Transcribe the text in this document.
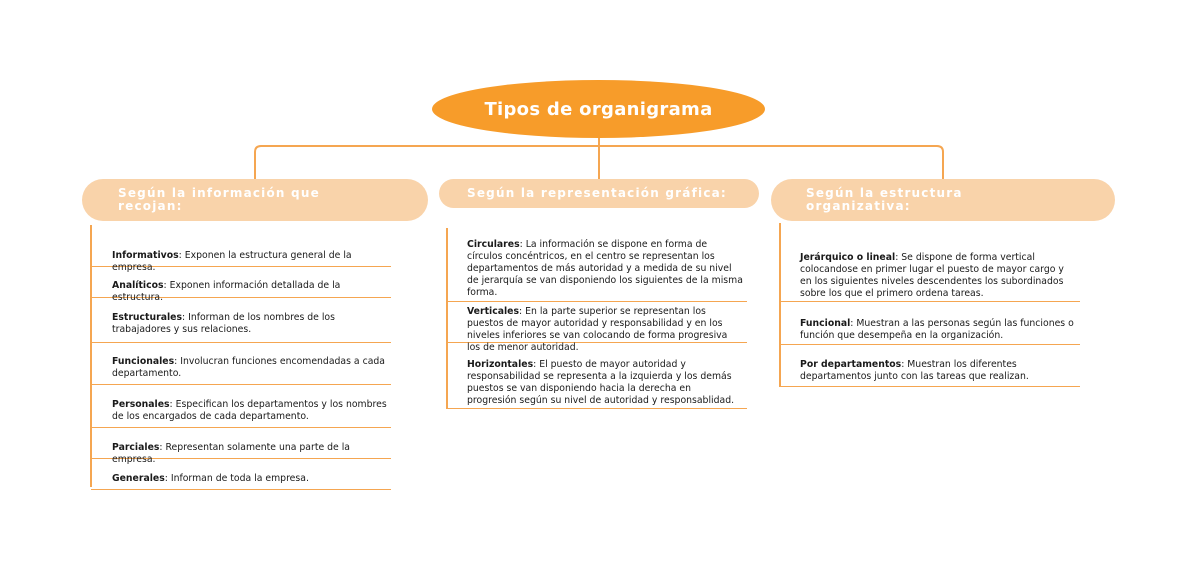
Tipos de organigrama
Según la información que recojan:
Según la representación gráfica:	Según la estructura organizativa:
Informativos: Exponen la estructura general de la empresa.
Analíticos: Exponen información detallada de la estructura.
Estructurales: Informan de los nombres de los trabajadores y sus relaciones.
Funcionales: Involucran funciones encomendadas a cada departamento.
Personales: Especifican los departamentos y los nombres de los encargados de cada departamento.
Parciales: Representan solamente una parte de la empresa.
Generales: Informan de toda la empresa.
Circulares: La información se dispone en forma de círculos concéntricos, en el centro se representan los departamentos de más autoridad y a medida de su nivel de jerarquía se van disponiendo los siguientes de la misma forma.
Verticales: En la parte superior se representan los puestos de mayor autoridad y responsabilidad y en los niveles inferiores se van colocando de forma progresiva los de menor autoridad.
Horizontales: El puesto de mayor autoridad y responsabilidad se representa a la izquierda y los demás puestos se van disponiendo hacia la derecha en progresión según su nivel de autoridad y responsablidad.
Jerárquico o lineal: Se dispone de forma vertical colocandose en primer lugar el puesto de mayor cargo y en los siguientes niveles descendentes los subordinados sobre los que el primero ordena tareas.
Funcional: Muestran a las personas según las funciones o función que desempeña en la organización.
Por departamentos: Muestran los diferentes departamentos junto con las tareas que realizan.
